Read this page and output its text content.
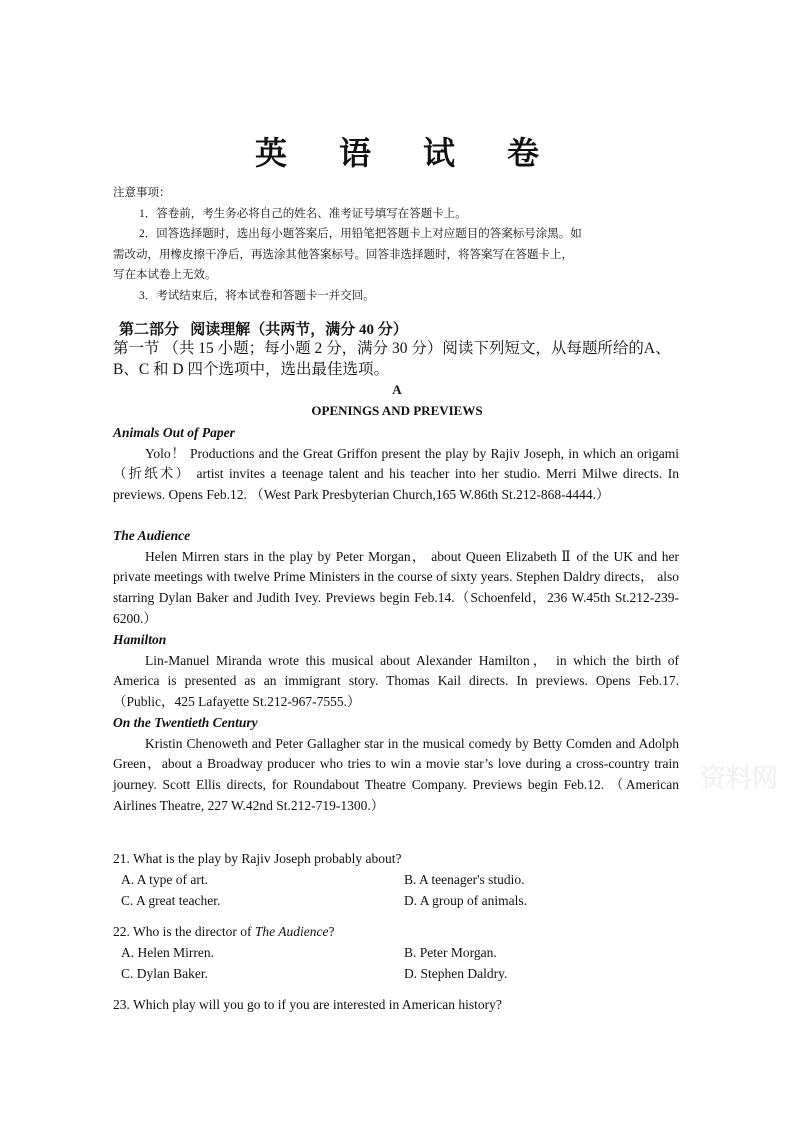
英 语 试 卷

注意事项：

1．答卷前，考生务必将自己的姓名、准考证号填写在答题卡上。

2．回答选择题时，选出每小题答案后，用铅笔把答题卡上对应题目的答案标号涂黑。如

需改动，用橡皮擦干净后，再选涂其他答案标号。回答非选择题时，将答案写在答题卡上，

写在本试卷上无效。

3．考试结束后，将本试卷和答题卡一并交回。

第二部分 阅读理解（共两节，满分 40 分）
第一节 （共 15 小题；每小题 2 分，满分 30 分）阅读下列短文，从每题所给的A、B、C 和 D 四个选项中，选出最佳选项。
A
OPENINGS AND PREVIEWS

Animals Out of Paper

Yolo！ Productions and the Great Griffon present the play by Rajiv Joseph, in which an origami （折纸术） artist invites a teenage talent and his teacher into her studio. Merri Milwe directs. In previews. Opens Feb.12. （West Park Presbyterian Church,165 W.86th St.212-868-4444.）

The Audience

Helen Mirren stars in the play by Peter Morgan， about Queen Elizabeth Ⅱ of the UK and her private meetings with twelve Prime Ministers in the course of sixty years. Stephen Daldry directs， also starring Dylan Baker and Judith Ivey. Previews begin Feb.14.（Schoenfeld，236 W.45th St.212-239-6200.）

Hamilton

Lin-Manuel Miranda wrote this musical about Alexander Hamilton， in which the birth of America is presented as an immigrant story. Thomas Kail directs. In previews. Opens Feb.17.（Public，425 Lafayette St.212-967-7555.）

On the Twentieth Century

Kristin Chenoweth and Peter Gallagher star in the musical comedy by Betty Comden and Adolph Green，about a Broadway producer who tries to win a movie star’s love during a cross-country train journey. Scott Ellis directs, for Roundabout Theatre Company. Previews begin Feb.12. （American Airlines Theatre, 227 W.42nd St.212-719-1300.）

21. What is the play by Rajiv Joseph probably about?

A. A type of art.	B. A teenager's studio.
C. A great teacher.	D. A group of animals.

22. Who is the director of The Audience?

A. Helen Mirren.	B. Peter Morgan.
C. Dylan Baker.	D. Stephen Daldry.

23. Which play will you go to if you are interested in American history?

资料网
